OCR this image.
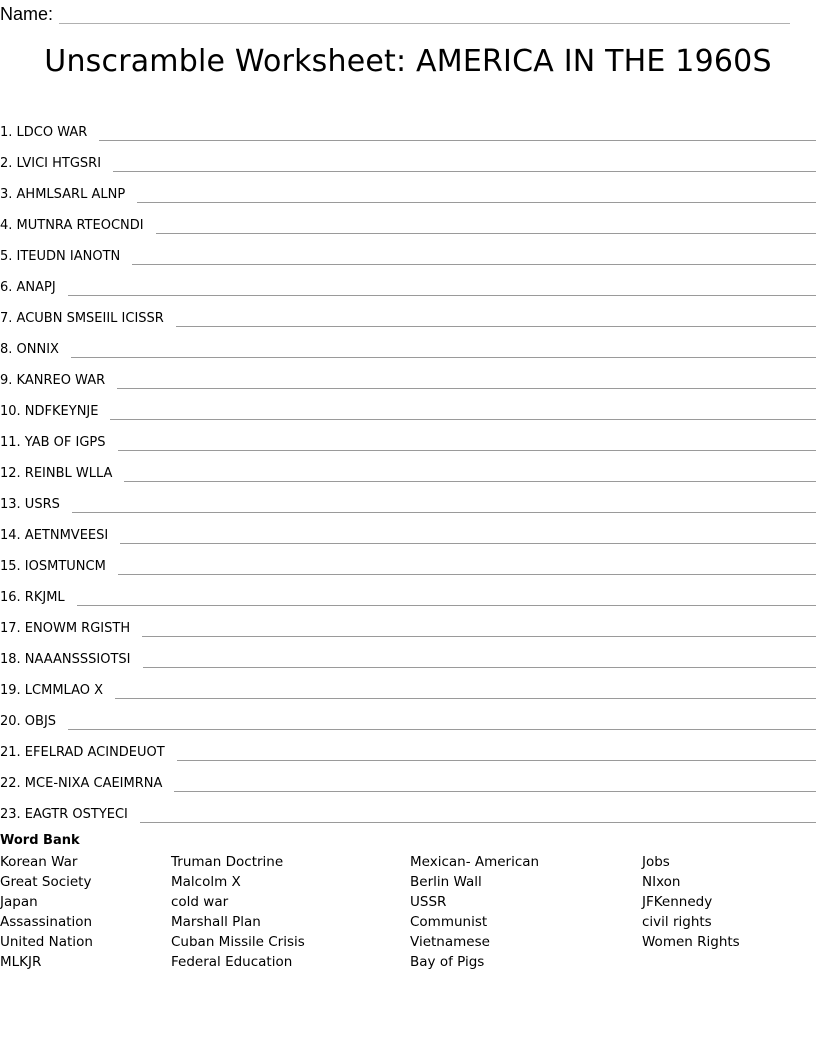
Name:
Unscramble Worksheet: AMERICA IN THE 1960S
1. LDCO WAR
2. LVICI HTGSRI
3. AHMLSARL ALNP
4. MUTNRA RTEOCNDI
5. ITEUDN IANOTN
6. ANAPJ
7. ACUBN SMSEIIL ICISSR
8. ONNIX
9. KANREO WAR
10. NDFKEYNJE
11. YAB OF IGPS
12. REINBL WLLA
13. USRS
14. AETNMVEESI
15. IOSMTUNCM
16. RKJML
17. ENOWM RGISTH
18. NAAANSSSIOTSI
19. LCMMLAO X
20. OBJS
21. EFELRAD ACINDEUOT
22. MCE-NIXA CAEIMRNA
23. EAGTR OSTYECI
Word Bank
Korean War
Great Society
Japan
Assassination
United Nation
MLKJR
Truman Doctrine
Malcolm X
cold war
Marshall Plan
Cuban Missile Crisis
Federal Education
Mexican- American
Berlin Wall
USSR
Communist
Vietnamese
Bay of Pigs
Jobs
NIxon
JFKennedy
civil rights
Women Rights
